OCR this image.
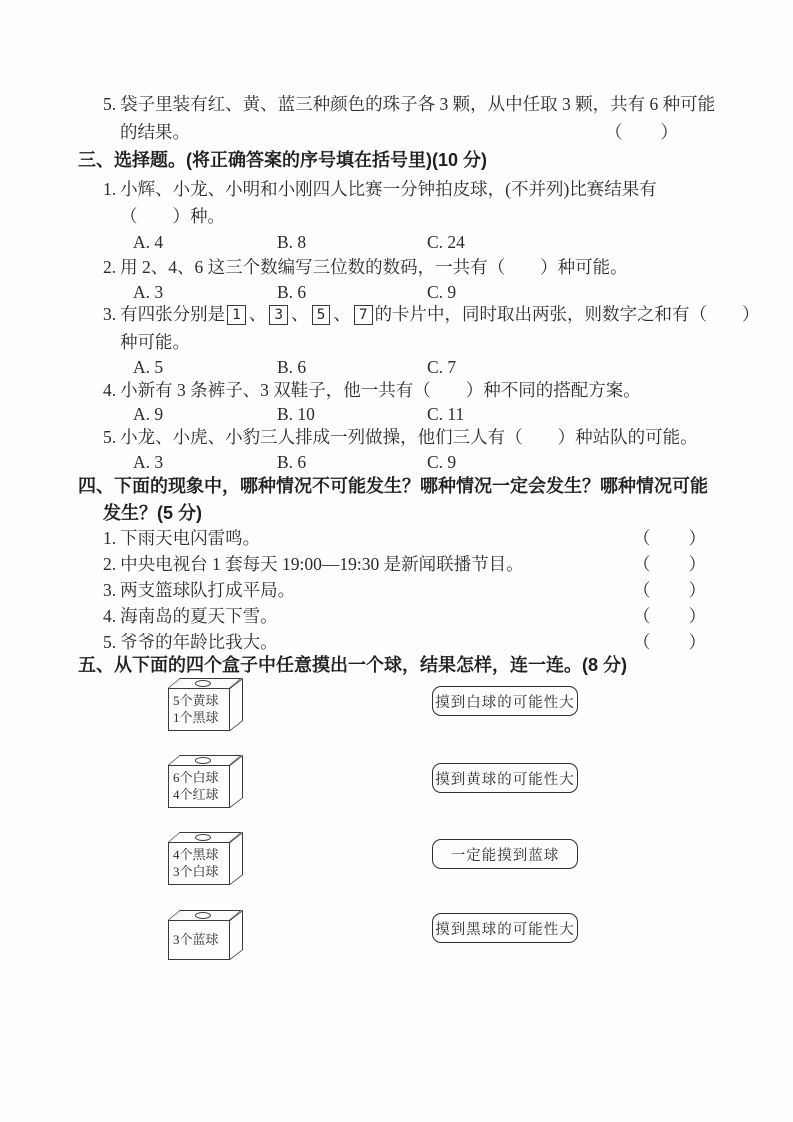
5. 袋子里装有红、黄、蓝三种颜色的珠子各 3 颗，从中任取 3 颗，共有 6 种可能
的结果。	（　　）
三、选择题。(将正确答案的序号填在括号里)(10 分)
1. 小辉、小龙、小明和小刚四人比赛一分钟拍皮球，(不并列)比赛结果有
（　　）种。
A. 4	B. 8	C. 24
2. 用 2、4、6 这三个数编写三位数的数码，一共有（　　）种可能。
A. 3	B. 6	C. 9
3. 有四张分别是 1 、 3 、 5 、 7 的卡片中，同时取出两张，则数字之和有（　　）
种可能。
A. 5	B. 6	C. 7
4. 小新有 3 条裤子、3 双鞋子，他一共有（　　）种不同的搭配方案。
A. 9	B. 10	C. 11
5. 小龙、小虎、小豹三人排成一列做操，他们三人有（　　）种站队的可能。
A. 3	B. 6	C. 9
四、下面的现象中，哪种情况不可能发生？哪种情况一定会发生？哪种情况可能
发生？(5 分)
1. 下雨天电闪雷鸣。	（　　）
2. 中央电视台 1 套每天 19:00—19:30 是新闻联播节目。	（　　）
3. 两支篮球队打成平局。	（　　）
4. 海南岛的夏天下雪。	（　　）
5. 爷爷的年龄比我大。	（　　）
五、从下面的四个盒子中任意摸出一个球，结果怎样，连一连。(8 分)
5个黄球
1个黑球
6个白球
4个红球
4个黑球
3个白球
3个蓝球
摸到白球的可能性大
摸到黄球的可能性大
一定能摸到蓝球
摸到黑球的可能性大
